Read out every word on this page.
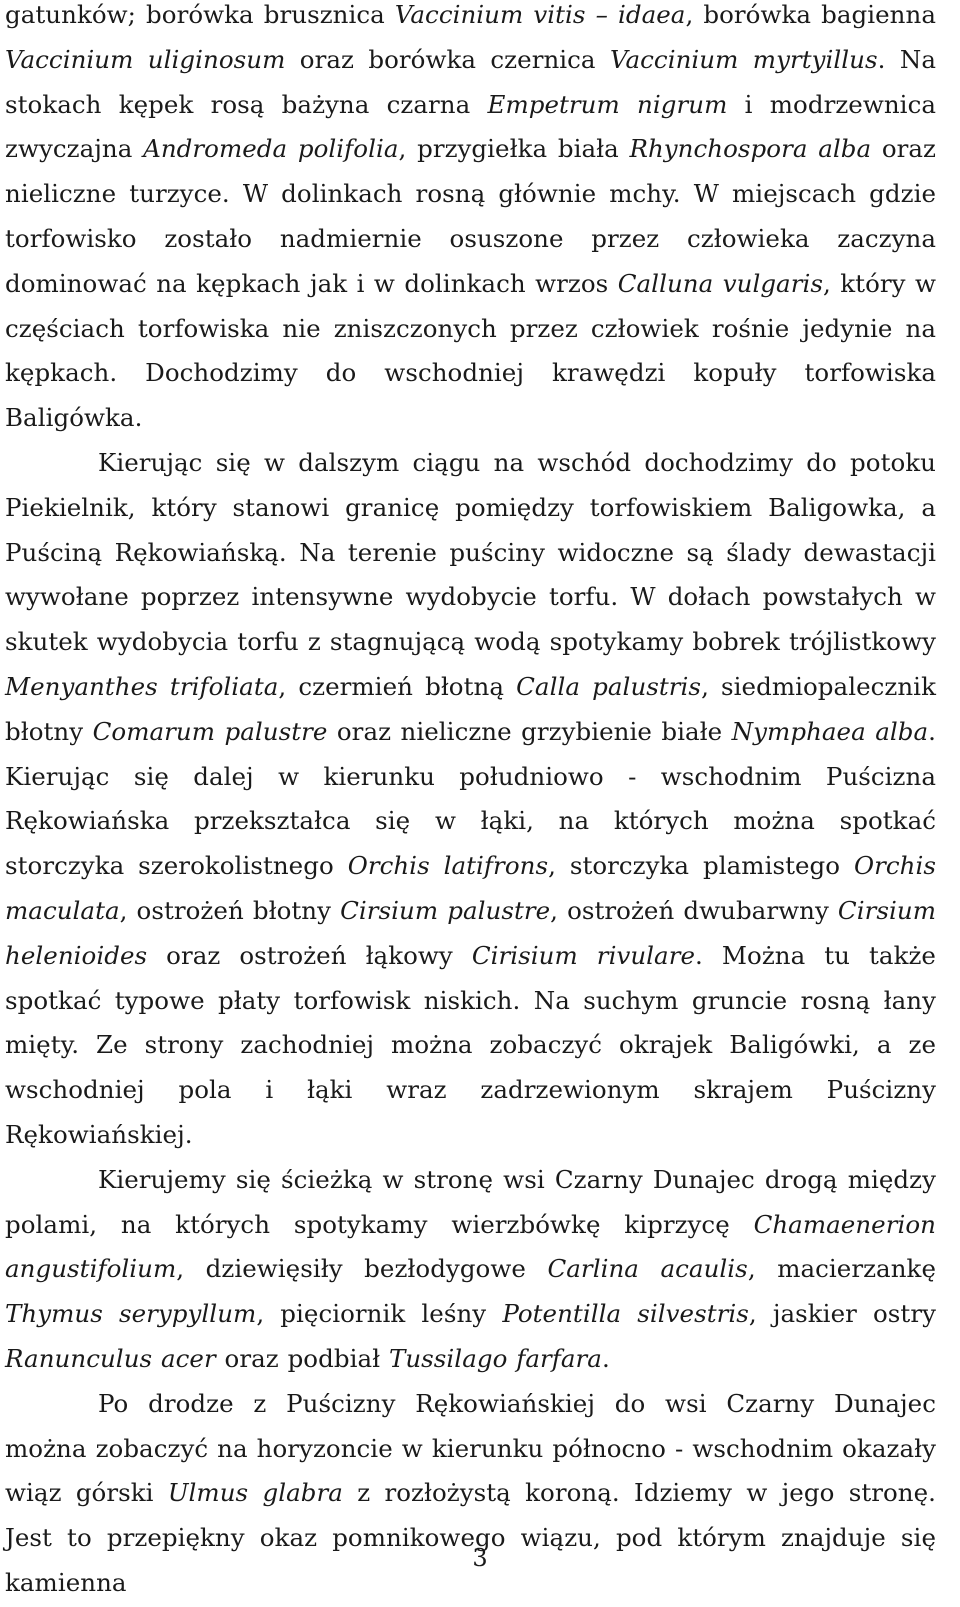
gatunków; borówka brusznica Vaccinium vitis – idaea, borówka bagienna Vaccinium uliginosum oraz borówka czernica Vaccinium myrtyillus. Na stokach kępek rosą bażyna czarna Empetrum nigrum i modrzewnica zwyczajna Andromeda polifolia, przygiełka biała Rhynchospora alba oraz nieliczne turzyce. W dolinkach rosną głównie mchy. W miejscach gdzie torfowisko zostało nadmiernie osuszone przez człowieka zaczyna dominować na kępkach jak i w dolinkach wrzos Calluna vulgaris, który w częściach torfowiska nie zniszczonych przez człowiek rośnie jedynie na kępkach. Dochodzimy do wschodniej krawędzi kopuły torfowiska Baligówka.

Kierując się w dalszym ciągu na wschód dochodzimy do potoku Piekielnik, który stanowi granicę pomiędzy torfowiskiem Baligowka, a Puściną Rękowiańską. Na terenie puściny widoczne są ślady dewastacji wywołane poprzez intensywne wydobycie torfu. W dołach powstałych w skutek wydobycia torfu z stagnującą wodą spotykamy bobrek trójlistkowy Menyanthes trifoliata, czermień błotną Calla palustris, siedmiopalecznik błotny Comarum palustre oraz nieliczne grzybienie białe Nymphaea alba. Kierując się dalej w kierunku południowo - wschodnim Puścizna Rękowiańska przekształca się w łąki, na których można spotkać storczyka szerokolistnego Orchis latifrons, storczyka plamistego Orchis maculata, ostrożeń błotny Cirsium palustre, ostrożeń dwubarwny Cirsium helenioides oraz ostrożeń łąkowy Cirisium rivulare. Można tu także spotkać typowe płaty torfowisk niskich. Na suchym gruncie rosną łany mięty. Ze strony zachodniej można zobaczyć okrajek Baligówki, a ze wschodniej pola i łąki wraz zadrzewionym skrajem Puścizny Rękowiańskiej.

Kierujemy się ścieżką w stronę wsi Czarny Dunajec drogą między polami, na których spotykamy wierzbówkę kiprzycę Chamaenerion angustifolium, dziewięsiły bezłodygowe Carlina acaulis, macierzankę Thymus serypyllum, pięciornik leśny Potentilla silvestris, jaskier ostry Ranunculus acer oraz podbiał Tussilago farfara.

Po drodze z Puścizny Rękowiańskiej do wsi Czarny Dunajec można zobaczyć na horyzoncie w kierunku północno - wschodnim okazały wiąz górski Ulmus glabra z rozłożystą koroną. Idziemy w jego stronę. Jest to przepiękny okaz pomnikowego wiązu, pod którym znajduje się kamienna

3
